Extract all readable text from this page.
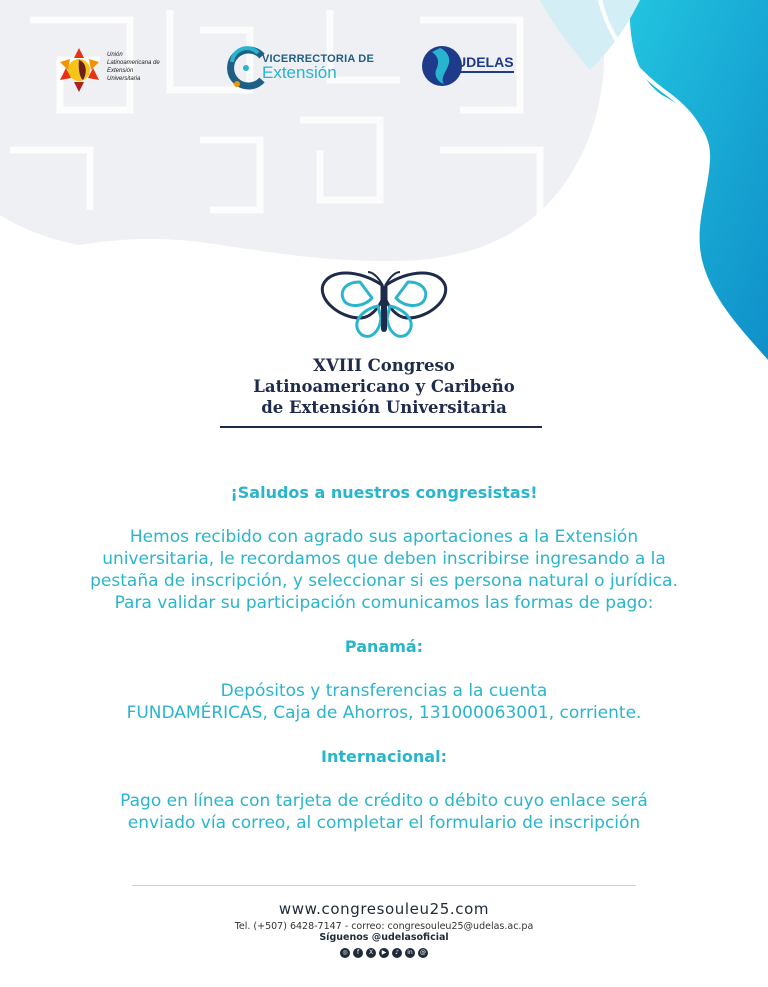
Unión
Latinoamericana de
Extensión
Universitaria
VICERRECTORIA DE
Extensión
UDELAS
XVIII Congreso
Latinoamericano y Caribeño
de Extensión Universitaria

¡Saludos a nuestros congresistas!

Hemos recibido con agrado sus aportaciones a la Extensión

universitaria, le recordamos que deben inscribirse ingresando a la

pestaña de inscripción, y seleccionar si es persona natural o jurídica.

Para validar su participación comunicamos las formas de pago:

Panamá:

Depósitos y transferencias a la cuenta

FUNDAMÉRICAS, Caja de Ahorros, 131000063001, corriente.

Internacional:

Pago en línea con tarjeta de crédito o débito cuyo enlace será

enviado vía correo, al completar el formulario de inscripción

www.congresouleu25.com
Tel. (+507) 6428-7147 - correo: congresouleu25@udelas.ac.pa
Síguenos @udelasoficial
◎	f	X	▶	♪	in	@
